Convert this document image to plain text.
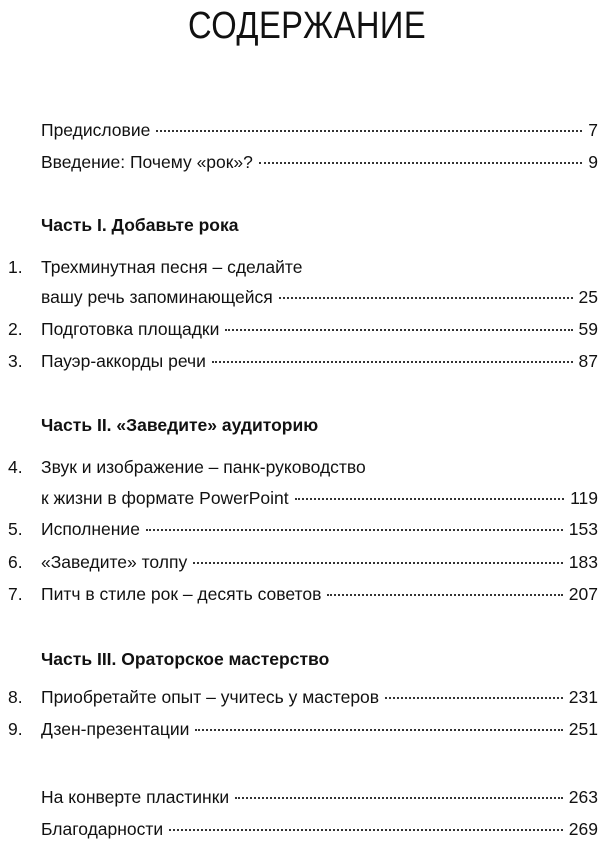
СОДЕРЖАНИЕ
Предисловие	7
Введение: Почему «рок»?	9
Часть I. Добавьте рока
1. Трехминутная песня – сделайте
вашу речь запоминающейся	25
2. Подготовка площадки	59
3. Пауэр-аккорды речи	87
Часть II. «Заведите» аудиторию
4. Звук и изображение – панк-руководство
к жизни в формате PowerPoint	119
5. Исполнение	153
6. «Заведите» толпу	183
7. Питч в стиле рок – десять советов	207
Часть III. Ораторское мастерство
8. Приобретайте опыт – учитесь у мастеров	231
9. Дзен-презентации	251
На конверте пластинки	263
Благодарности	269
